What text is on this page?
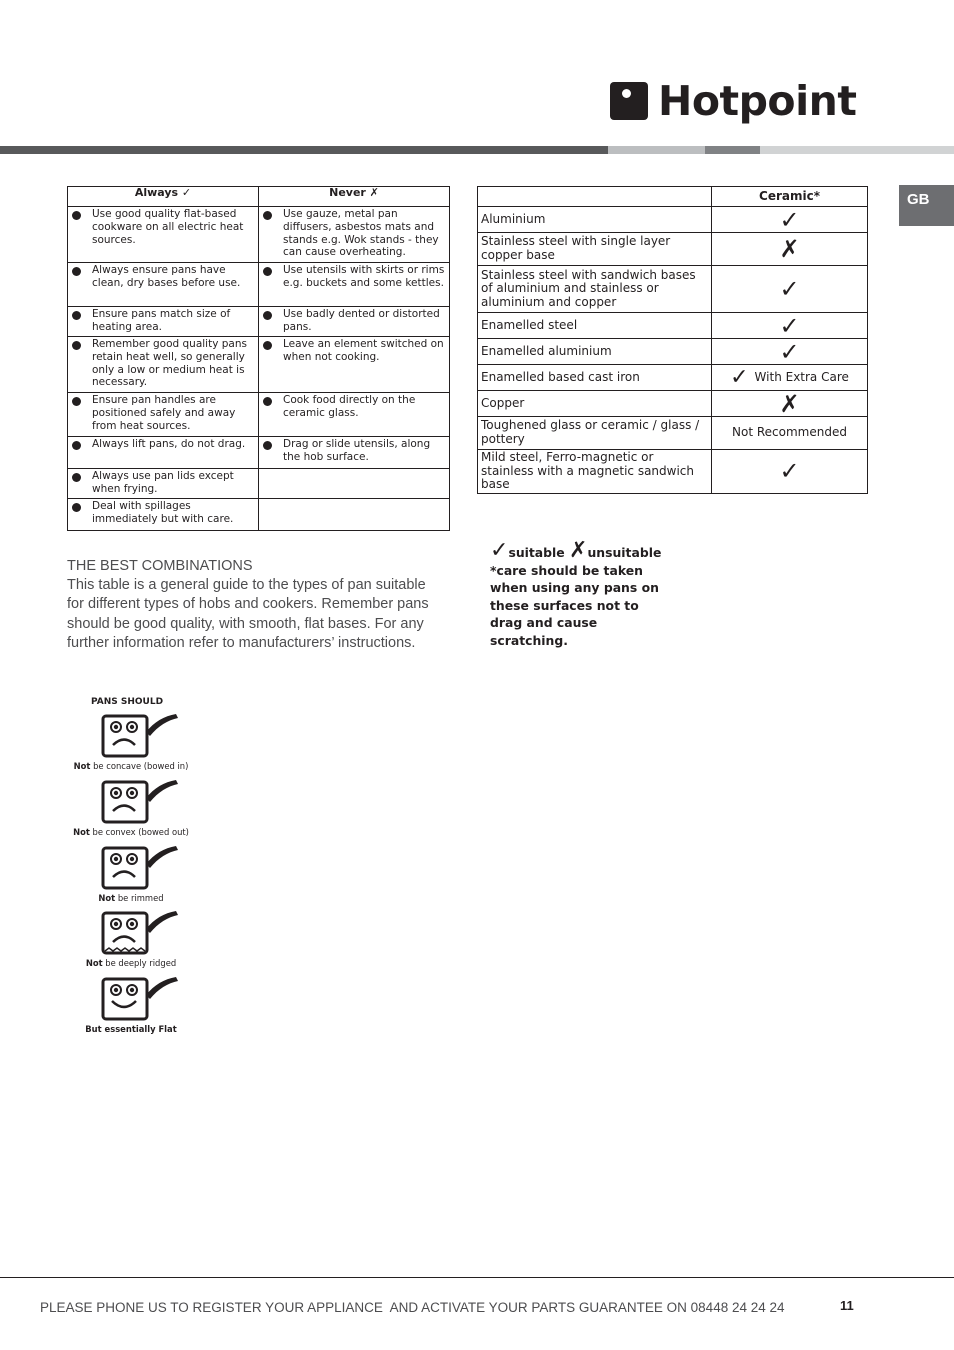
Hotpoint
GB
Always ✓	Never ✗

Use good quality flat-based cookware on all electric heat sources.	Use gauze, metal pan diffusers, asbestos mats and stands e.g. Wok stands - they can cause overheating.

Always ensure pans have clean, dry bases before use.	Use utensils with skirts or rims e.g. buckets and some kettles.

Ensure pans match size of heating area.	Use badly dented or distorted pans.

Remember good quality pans retain heat well, so generally only a low or medium heat is necessary.	Leave an element switched on when not cooking.

Ensure pan handles are positioned safely and away from heat sources.	Cook food directly on the ceramic glass.

Always lift pans, do not drag.	Drag or slide utensils, along the hob surface.

Always use pan lids except when frying.	

Deal with spillages immediately but with care.	

	Ceramic*
Aluminium	✓
Stainless steel with single layer copper base	✗
Stainless steel with sandwich bases of aluminium and stainless or aluminium and copper	✓
Enamelled steel	✓
Enamelled aluminium	✓
Enamelled based cast iron	✓ With Extra Care
Copper	✗
Toughened glass or ceramic / glass / pottery	Not Recommended
Mild steel, Ferro-magnetic or stainless with a magnetic sandwich base	✓
THE BEST COMBINATIONS
This table is a general guide to the types of pan suitable for different types of hobs and cookers. Remember pans should be good quality, with smooth, flat bases. For any further information refer to manufacturers’ instructions.
✓suitable ✗unsuitable
*care should be taken when using any pans on these surfaces not to drag and cause scratching.
PANS SHOULD
Not be concave (bowed in)
Not be convex (bowed out)
Not be rimmed
Not be deeply ridged
But essentially Flat
PLEASE PHONE US TO REGISTER YOUR APPLIANCE  AND ACTIVATE YOUR PARTS GUARANTEE ON 08448 24 24 24	11
